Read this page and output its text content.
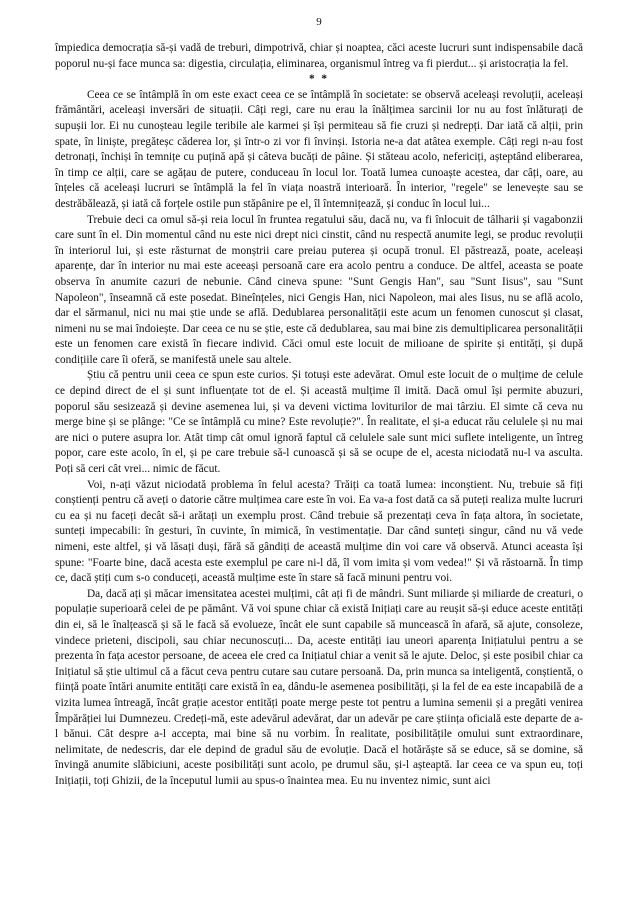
9

împiedica democrația să-și vadă de treburi, dimpotrivă, chiar și noaptea, căci aceste lucruri sunt indispensabile dacă poporul nu-și face munca sa: digestia, circulația, eliminarea, organismul întreg va fi pierdut... și aristocrația la fel.

* *

Ceea ce se întâmplă în om este exact ceea ce se întâmplă în societate: se observă aceleași revoluții, aceleași frământări, aceleași inversări de situații. Câți regi, care nu erau la înălțimea sarcinii lor nu au fost înlăturați de supușii lor. Ei nu cunoșteau legile teribile ale karmei și își permiteau să fie cruzi și nedrepți. Dar iată că alții, prin spate, în liniște, pregăteșc căderea lor, și într-o zi vor fi învinși. Istoria ne-a dat atâtea exemple. Câți regi n-au fost detronați, închiși în temnițe cu puțină apă și câteva bucăți de pâine. Și stăteau acolo, nefericiți, așteptând eliberarea, în timp ce alții, care se agățau de putere, conduceau în locul lor. Toată lumea cunoaște acestea, dar câți, oare, au înțeles că aceleași lucruri se întâmplă la fel în viața noastră interioară. În interior, "regele" se lenevește sau se destrăbălează, și iată că forțele ostile pun stăpânire pe el, îl întemnițează, și conduc în locul lui...

Trebuie deci ca omul să-și reia locul în fruntea regatului său, dacă nu, va fi înlocuit de tâlharii și vagabonzii care sunt în el. Din momentul când nu este nici drept nici cinstit, când nu respectă anumite legi, se produc revoluții în interiorul lui, și este răsturnat de monștrii care preiau puterea și ocupă tronul. El păstrează, poate, aceleași aparențe, dar în interior nu mai este aceeași persoană care era acolo pentru a conduce. De altfel, aceasta se poate observa în anumite cazuri de nebunie. Când cineva spune: "Sunt Gengis Han", sau "Sunt Iisus", sau "Sunt Napoleon", înseamnă că este posedat. Bineînțeles, nici Gengis Han, nici Napoleon, mai ales Iisus, nu se află acolo, dar el sărmanul, nici nu mai știe unde se află. Dedublarea personalității este acum un fenomen cunoscut și clasat, nimeni nu se mai îndoiește. Dar ceea ce nu se știe, este că dedublarea, sau mai bine zis demultiplicarea personalității este un fenomen care există în fiecare individ. Căci omul este locuit de milioane de spirite și entități, și după condițiile care îi oferă, se manifestă unele sau altele.

Știu că pentru unii ceea ce spun este curios. Și totuși este adevărat. Omul este locuit de o mulțime de celule ce depind direct de el și sunt influențate tot de el. Și această mulțime îl imită. Dacă omul își permite abuzuri, poporul său sesizează și devine asemenea lui, și va deveni victima loviturilor de mai târziu. El simte că ceva nu merge bine și se plânge: "Ce se întâmplă cu mine? Este revoluție?". În realitate, el și-a educat rău celulele și nu mai are nici o putere asupra lor. Atât timp cât omul ignoră faptul că celulele sale sunt mici suflete inteligente, un întreg popor, care este acolo, în el, și pe care trebuie să-l cunoască și să se ocupe de el, acesta niciodată nu-l va asculta. Poți să ceri cât vrei... nimic de făcut.

Voi, n-ați văzut niciodată problema în felul acesta? Trăiți ca toată lumea: inconștient. Nu, trebuie să fiți conștienți pentru că aveți o datorie către mulțimea care este în voi. Ea va-a fost dată ca să puteți realiza multe lucruri cu ea și nu faceți decât să-i arătați un exemplu prost. Când trebuie să prezentați ceva în fața altora, în societate, sunteți impecabili: în gesturi, în cuvinte, în mimică, în vestimentație. Dar când sunteți singur, când nu vă vede nimeni, este altfel, și vă lăsați duși, fără să gândiți de această mulțime din voi care vă observă. Atunci aceasta își spune: "Foarte bine, dacă acesta este exemplul pe care ni-l dă, îl vom imita și vom vedea!" Și vă răstoarnă. În timp ce, dacă știți cum s-o conduceți, această mulțime este în stare să facă minuni pentru voi.

Da, dacă ați și măcar imensitatea acestei mulțimi, cât ați fi de mândri. Sunt miliarde și miliarde de creaturi, o populație superioară celei de pe pământ. Vă voi spune chiar că există Inițiați care au reușit să-și educe aceste entități din ei, să le înalțească și să le facă să evolueze, încât ele sunt capabile să muncească în afară, să ajute, consoleze, vindece prieteni, discipoli, sau chiar necunoscuți... Da, aceste entități iau uneori aparența Inițiatului pentru a se prezenta în fața acestor persoane, de aceea ele cred ca Inițiatul chiar a venit să le ajute. Deloc, și este posibil chiar ca Inițiatul să știe ultimul că a făcut ceva pentru cutare sau cutare persoană. Da, prin munca sa inteligentă, conștientă, o ființă poate întări anumite entități care există în ea, dându-le asemenea posibilități, și la fel de ea este incapabilă de a vizita lumea întreagă, încât grație acestor entități poate merge peste tot pentru a lumina semenii și a pregăti venirea Împărăției lui Dumnezeu. Credeți-mă, este adevărul adevărat, dar un adevăr pe care știința oficială este departe de a-l bănui. Cât despre a-l accepta, mai bine să nu vorbim. În realitate, posibilitățile omului sunt extraordinare, nelimitate, de nedescris, dar ele depind de gradul său de evoluție. Dacă el hotărăște să se educe, să se domine, să învingă anumite slăbiciuni, aceste posibilități sunt acolo, pe drumul său, și-l așteaptă. Iar ceea ce va spun eu, toți Inițiații, toți Ghizii, de la începutul lumii au spus-o înaintea mea. Eu nu inventez nimic, sunt aici
